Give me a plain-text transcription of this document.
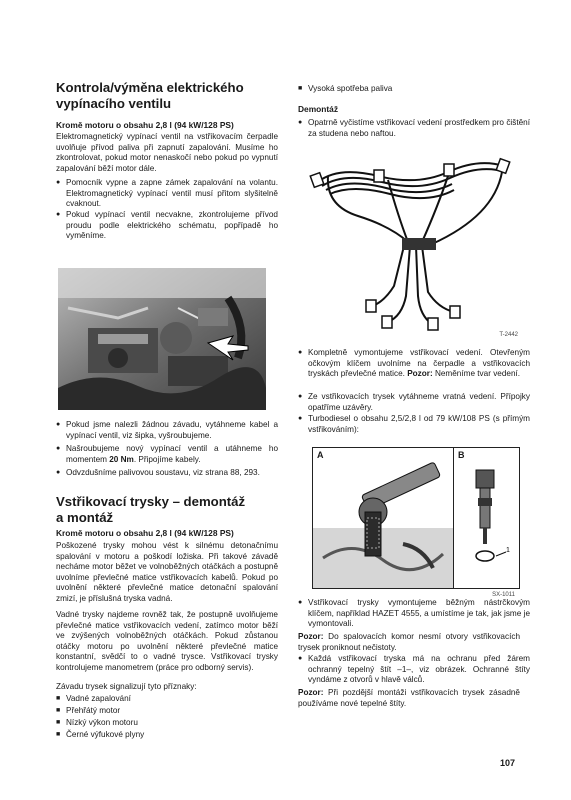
Kontrola/výměna elektrického
vypínacího ventilu
Kromě motoru o obsahu 2,8 l (94 kW/128 PS)

Elektromagnetický vypínací ventil na vstřikovacím čerpadle uvolňuje přívod paliva při zapnutí zapalování. Musíme ho zkontrolovat, pokud motor nenaskočí nebo pokud po vypnutí zapalování běží motor dále.

● Pomocník vypne a zapne zámek zapalování na volantu. Elektromagnetický vypínací ventil musí přitom slyšitelně cvaknout.
● Pokud vypínací ventil necvakne, zkontrolujeme přívod proudu podle elektrického schématu, popřípadě ho vyměníme.
● Pokud jsme nalezli žádnou závadu, vytáhneme kabel a vypínací ventil, viz šipka, vyšroubujeme.
● Našroubujeme nový vypínací ventil a utáhneme ho momentem 20 Nm. Připojíme kabely.
● Odvzdušníme palivovou soustavu, viz strana 88, 293.
Vstřikovací trysky – demontáž
a montáž
Kromě motoru o obsahu 2,8 l (94 kW/128 PS)

Poškozené trysky mohou vést k silnému detonačnímu spalování v motoru a poškodí ložiska. Při takové závadě necháme motor běžet ve volnoběžných otáčkách a postupně uvolníme převlečné matice vstřikovacích kabelů. Pokud po uvolnění některé převlečné matice detonační spalování zmizí, je příslušná tryska vadná.

Vadné trysky najdeme rovněž tak, že postupně uvolňujeme převlečné matice vstřikovacích vedení, zatímco motor běží ve zvýšených volnoběžných otáčkách. Pokud zůstanou otáčky motoru po uvolnění některé převlečné matice konstantní, svědčí to o vadné trysce. Vstřikovací trysky kontrolujeme manometrem (práce pro odborný servis).

Závadu trysek signalizují tyto příznaky:

■ Vadné zapalování
■ Přehřátý motor
■ Nízký výkon motoru
■ Černé výfukové plyny
■ Vysoká spotřeba paliva
Demontáž
● Opatrně vyčistíme vstřikovací vedení prostředkem pro čištění za studena nebo naftou.
T-2442
● Kompletně vymontujeme vstřikovací vedení. Otevřeným očkovým klíčem uvolníme na čerpadle a vstřikovacích tryskách převlečné matice. Pozor: Neměníme tvar vedení.
● Ze vstřikovacích trysek vytáhneme vratná vedení. Přípojky opatříme uzávěry.
● Turbodiesel o obsahu 2,5/2,8 l od 79 kW/108 PS (s přímým vstřikováním):
A
1
B
SX-1011
● Vstřikovací trysky vymontujeme běžným nástrčkovým klíčem, například HAZET 4555, a umístíme je tak, jak jsme je vymontovali.

Pozor: Do spalovacích komor nesmí otvory vstřikovacích trysek proniknout nečistoty.

● Každá vstřikovací tryska má na ochranu před žárem ochranný tepelný štít –1–, viz obrázek. Ochranné štíty vyndáme z otvorů v hlavě válců.

Pozor: Při pozdější montáži vstřikovacích trysek zásadně používáme nové tepelné štíty.

107
